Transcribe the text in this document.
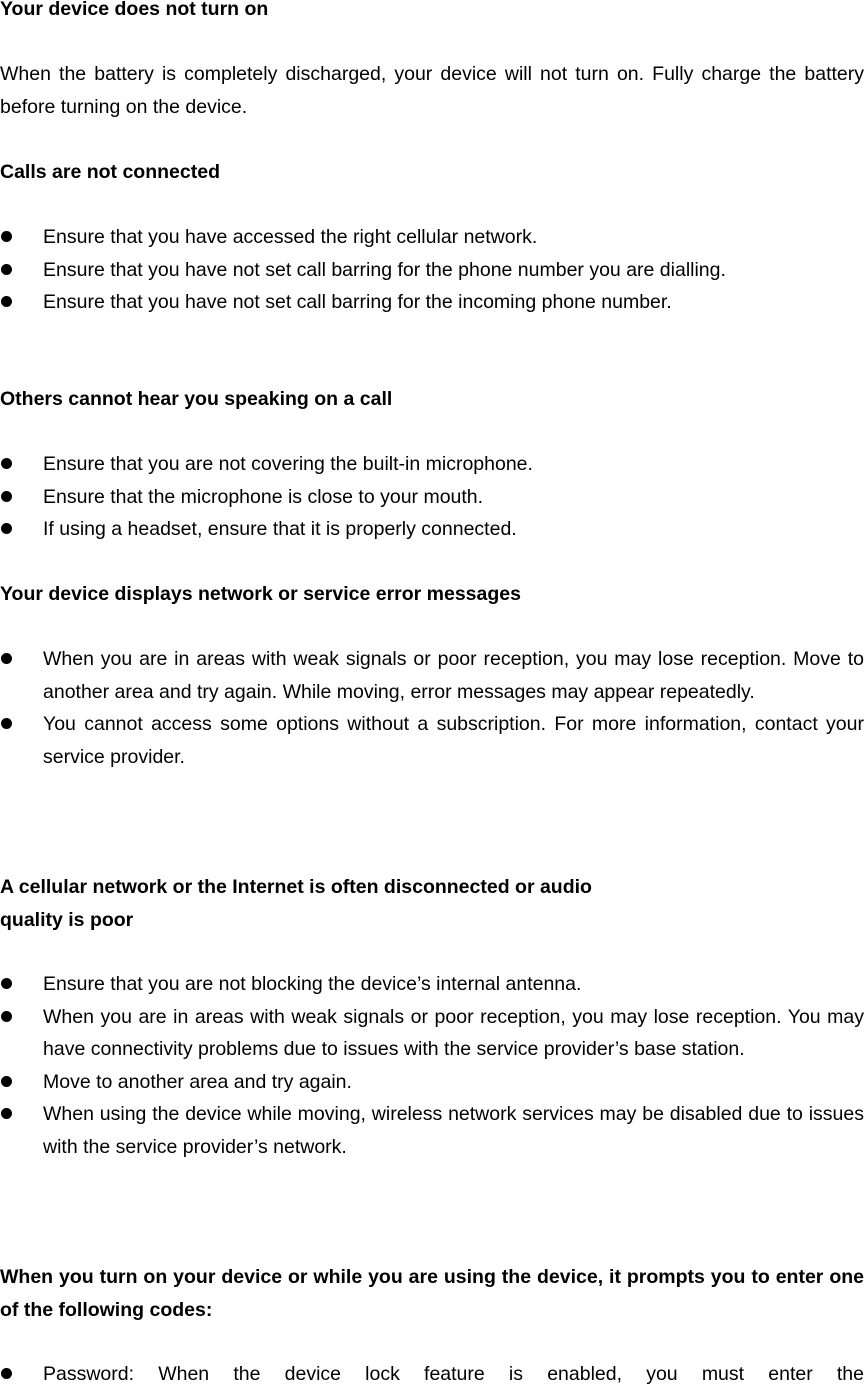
Your device does not turn on

When the battery is completely discharged, your device will not turn on. Fully charge the battery before turning on the device.

Calls are not connected
Ensure that you have accessed the right cellular network.
Ensure that you have not set call barring for the phone number you are dialling.
Ensure that you have not set call barring for the incoming phone number.
Others cannot hear you speaking on a call
Ensure that you are not covering the built-in microphone.
Ensure that the microphone is close to your mouth.
If using a headset, ensure that it is properly connected.
Your device displays network or service error messages
When you are in areas with weak signals or poor reception, you may lose reception. Move to another area and try again. While moving, error messages may appear repeatedly.
You cannot access some options without a subscription. For more information, contact your service provider.
A cellular network or the Internet is often disconnected or audio
quality is poor
Ensure that you are not blocking the device’s internal antenna.
When you are in areas with weak signals or poor reception, you may lose reception. You may have connectivity problems due to issues with the service provider’s base station.
Move to another area and try again.
When using the device while moving, wireless network services may be disabled due to issues with the service provider’s network.
When you turn on your device or while you are using the device, it prompts you to enter one of the following codes:
Password: When the device lock feature is enabled, you must enter the
